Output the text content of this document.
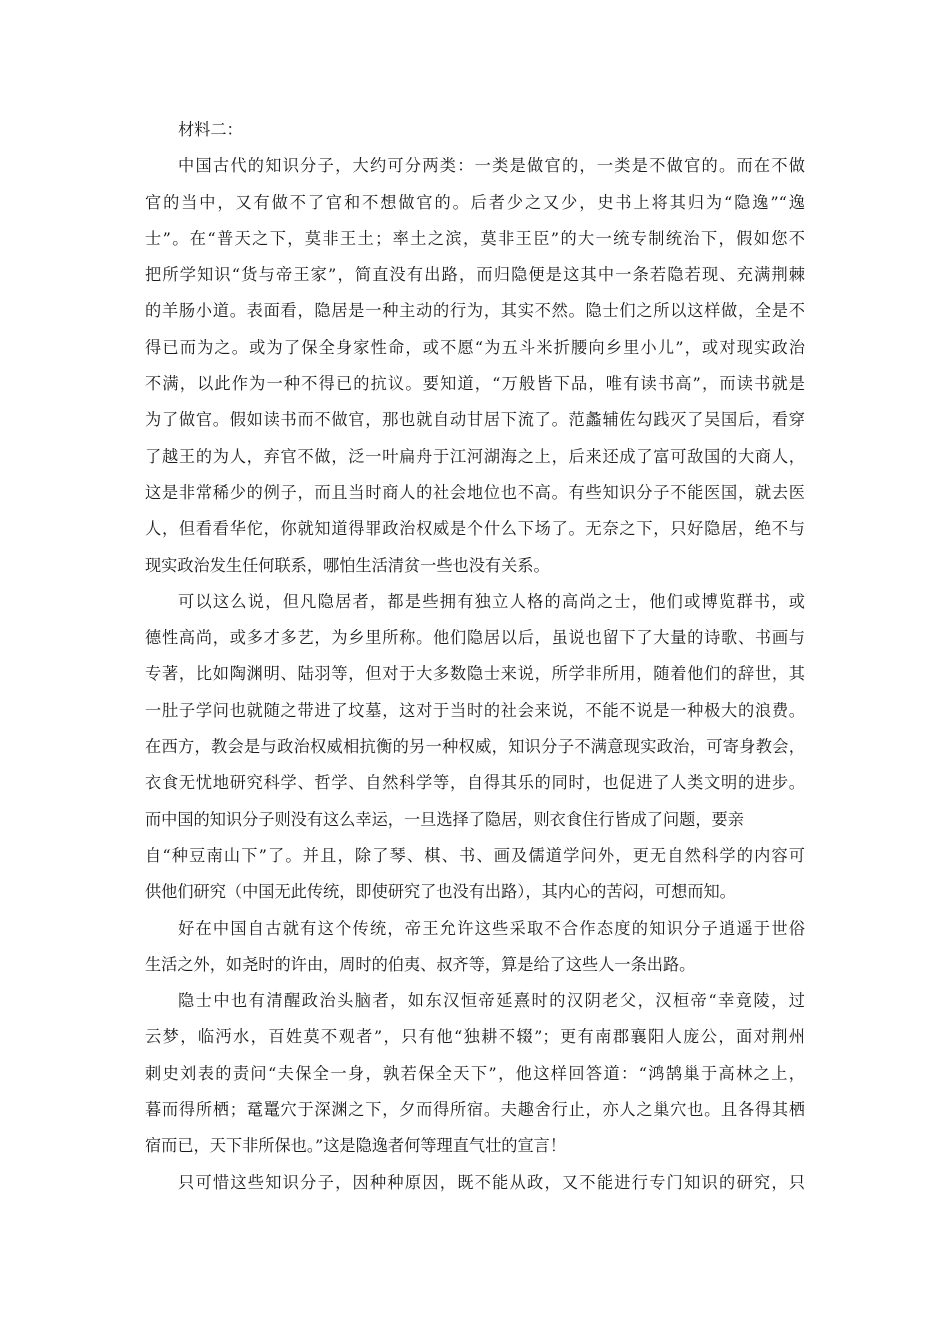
材料二：
中国古代的知识分子，大约可分两类：一类是做官的，一类是不做官的。而在不做
官的当中，又有做不了官和不想做官的。后者少之又少，史书上将其归为“隐逸”“逸
士”。在“普天之下，莫非王土；率土之滨，莫非王臣”的大一统专制统治下，假如您不
把所学知识“货与帝王家”，简直没有出路，而归隐便是这其中一条若隐若现、充满荆棘
的羊肠小道。表面看，隐居是一种主动的行为，其实不然。隐士们之所以这样做，全是不
得已而为之。或为了保全身家性命，或不愿“为五斗米折腰向乡里小儿”，或对现实政治
不满，以此作为一种不得已的抗议。要知道，“万般皆下品，唯有读书高”，而读书就是
为了做官。假如读书而不做官，那也就自动甘居下流了。范蠡辅佐勾践灭了吴国后，看穿
了越王的为人，弃官不做，泛一叶扁舟于江河湖海之上，后来还成了富可敌国的大商人，
这是非常稀少的例子，而且当时商人的社会地位也不高。有些知识分子不能医国，就去医
人，但看看华佗，你就知道得罪政治权威是个什么下场了。无奈之下，只好隐居，绝不与
现实政治发生任何联系，哪怕生活清贫一些也没有关系。
可以这么说，但凡隐居者，都是些拥有独立人格的高尚之士，他们或博览群书，或
德性高尚，或多才多艺，为乡里所称。他们隐居以后，虽说也留下了大量的诗歌、书画与
专著，比如陶渊明、陆羽等，但对于大多数隐士来说，所学非所用，随着他们的辞世，其
一肚子学问也就随之带进了坟墓，这对于当时的社会来说，不能不说是一种极大的浪费。
在西方，教会是与政治权威相抗衡的另一种权威，知识分子不满意现实政治，可寄身教会，
衣食无忧地研究科学、哲学、自然科学等，自得其乐的同时，也促进了人类文明的进步。
而中国的知识分子则没有这么幸运，一旦选择了隐居，则衣食住行皆成了问题，要亲
自“种豆南山下”了。并且，除了琴、棋、书、画及儒道学问外，更无自然科学的内容可
供他们研究（中国无此传统，即使研究了也没有出路），其内心的苦闷，可想而知。
好在中国自古就有这个传统，帝王允许这些采取不合作态度的知识分子逍遥于世俗
生活之外，如尧时的许由，周时的伯夷、叔齐等，算是给了这些人一条出路。
隐士中也有清醒政治头脑者，如东汉恒帝延熹时的汉阴老父，汉桓帝“幸竟陵，过
云梦，临沔水，百姓莫不观者”，只有他“独耕不辍”；更有南郡襄阳人庞公，面对荆州
刺史刘表的责问“夫保全一身，孰若保全天下”，他这样回答道：“鸿鹄巢于高林之上，
暮而得所栖；鼋鼍穴于深渊之下，夕而得所宿。夫趣舍行止，亦人之巢穴也。且各得其栖
宿而已，天下非所保也。”这是隐逸者何等理直气壮的宣言！
只可惜这些知识分子，因种种原因，既不能从政，又不能进行专门知识的研究，只
